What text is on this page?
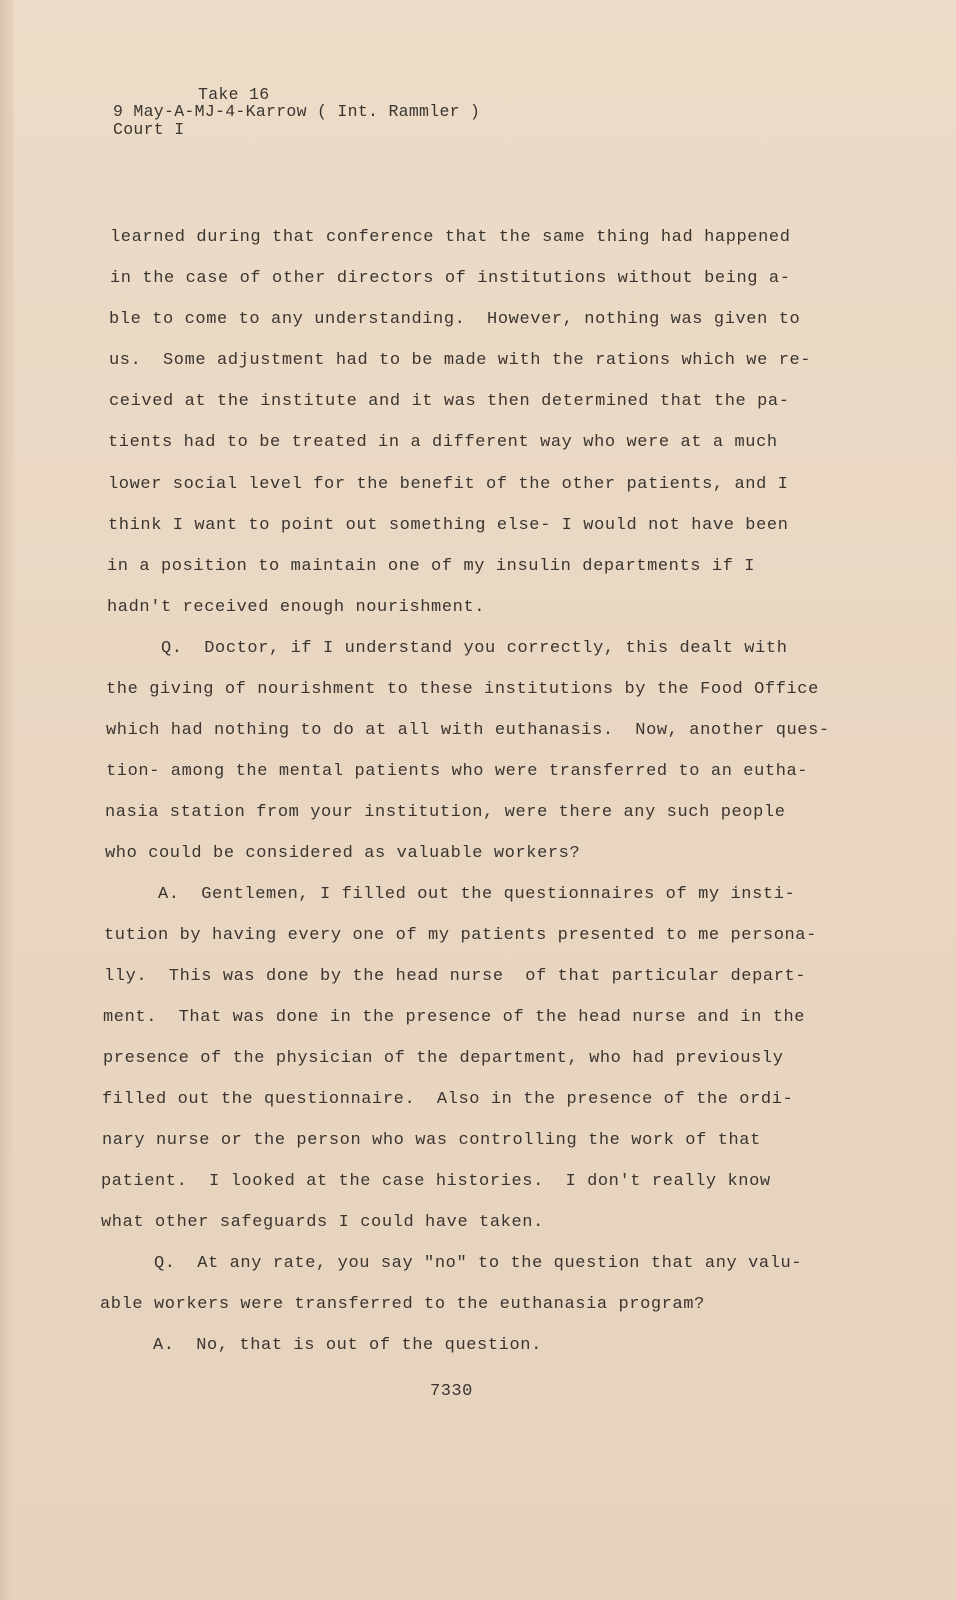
Take 16
9 May-A-MJ-4-Karrow ( Int. Rammler )
Court I
learned during that conference that the same thing had happened
in the case of other directors of institutions without being a-
ble to come to any understanding.  However, nothing was given to
us.  Some adjustment had to be made with the rations which we re-
ceived at the institute and it was then determined that the pa-
tients had to be treated in a different way who were at a much
lower social level for the benefit of the other patients, and I
think I want to point out something else- I would not have been
in a position to maintain one of my insulin departments if I
hadn't received enough nourishment.
Q.  Doctor, if I understand you correctly, this dealt with
the giving of nourishment to these institutions by the Food Office
which had nothing to do at all with euthanasis.  Now, another ques-
tion- among the mental patients who were transferred to an eutha-
nasia station from your institution, were there any such people
who could be considered as valuable workers?
A.  Gentlemen, I filled out the questionnaires of my insti-
tution by having every one of my patients presented to me persona-
lly.  This was done by the head nurse  of that particular depart-
ment.  That was done in the presence of the head nurse and in the
presence of the physician of the department, who had previously
filled out the questionnaire.  Also in the presence of the ordi-
nary nurse or the person who was controlling the work of that
patient.  I looked at the case histories.  I don't really know
what other safeguards I could have taken.
Q.  At any rate, you say "no" to the question that any valu-
able workers were transferred to the euthanasia program?
A.  No, that is out of the question.
7330
